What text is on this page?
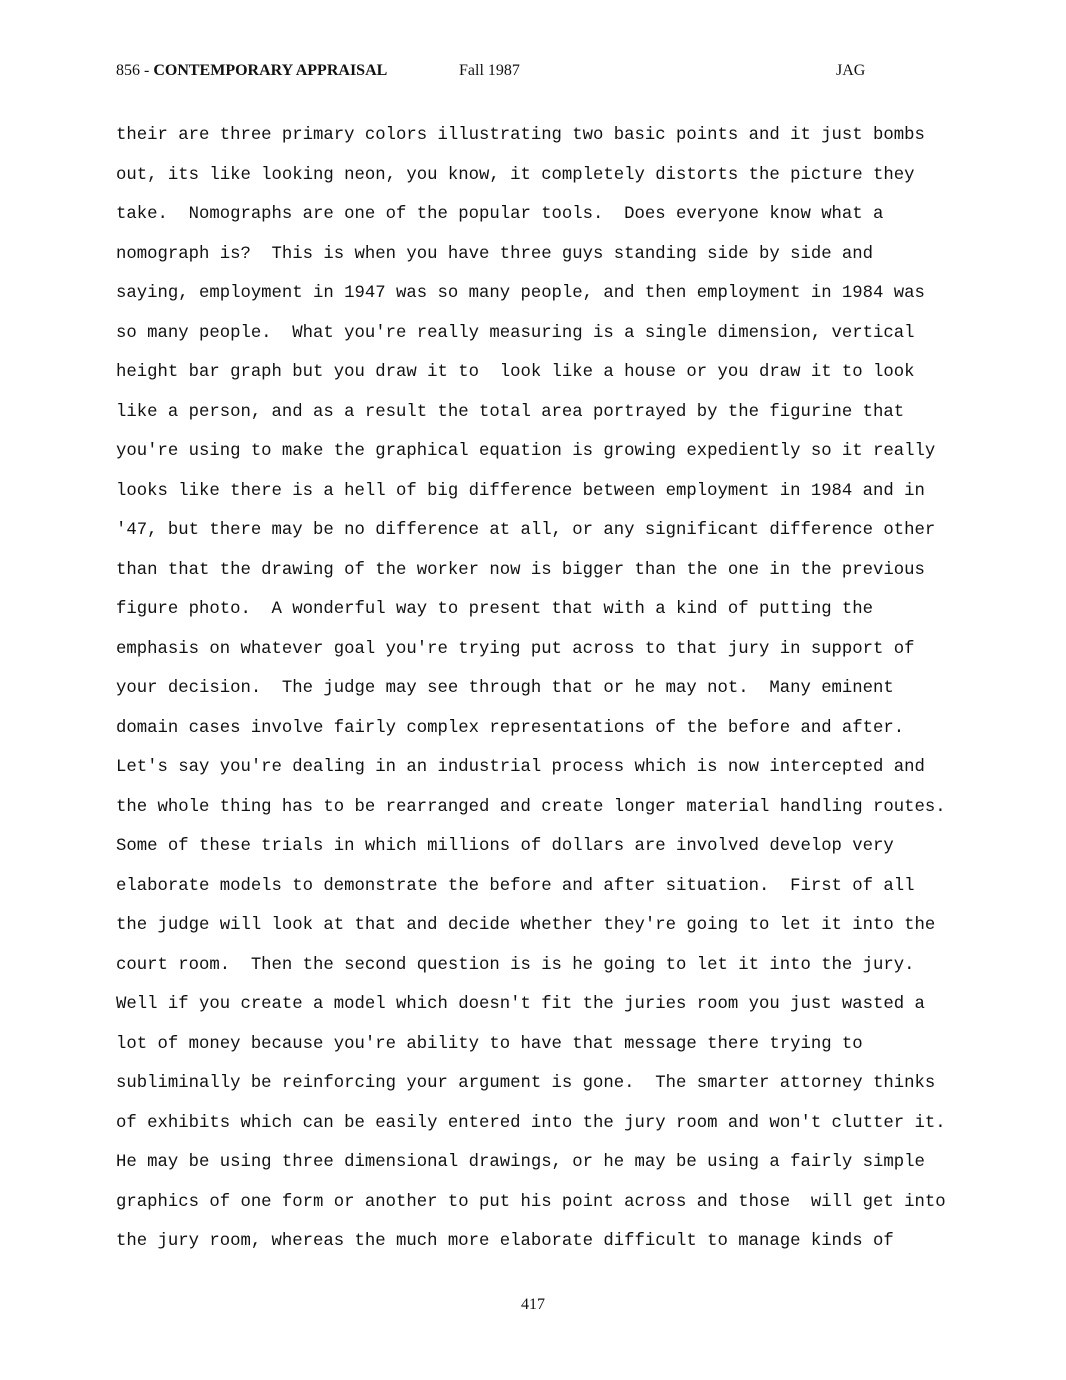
856 - CONTEMPORARY APPRAISAL	Fall 1987	JAG
their are three primary colors illustrating two basic points and it just bombs
out, its like looking neon, you know, it completely distorts the picture they
take.  Nomographs are one of the popular tools.  Does everyone know what a
nomograph is?  This is when you have three guys standing side by side and
saying, employment in 1947 was so many people, and then employment in 1984 was
so many people.  What you're really measuring is a single dimension, vertical
height bar graph but you draw it to  look like a house or you draw it to look
like a person, and as a result the total area portrayed by the figurine that
you're using to make the graphical equation is growing expediently so it really
looks like there is a hell of big difference between employment in 1984 and in
'47, but there may be no difference at all, or any significant difference other
than that the drawing of the worker now is bigger than the one in the previous
figure photo.  A wonderful way to present that with a kind of putting the
emphasis on whatever goal you're trying put across to that jury in support of
your decision.  The judge may see through that or he may not.  Many eminent
domain cases involve fairly complex representations of the before and after.
Let's say you're dealing in an industrial process which is now intercepted and
the whole thing has to be rearranged and create longer material handling routes.
Some of these trials in which millions of dollars are involved develop very
elaborate models to demonstrate the before and after situation.  First of all
the judge will look at that and decide whether they're going to let it into the
court room.  Then the second question is is he going to let it into the jury.
Well if you create a model which doesn't fit the juries room you just wasted a
lot of money because you're ability to have that message there trying to
subliminally be reinforcing your argument is gone.  The smarter attorney thinks
of exhibits which can be easily entered into the jury room and won't clutter it.
He may be using three dimensional drawings, or he may be using a fairly simple
graphics of one form or another to put his point across and those  will get into
the jury room, whereas the much more elaborate difficult to manage kinds of
417
